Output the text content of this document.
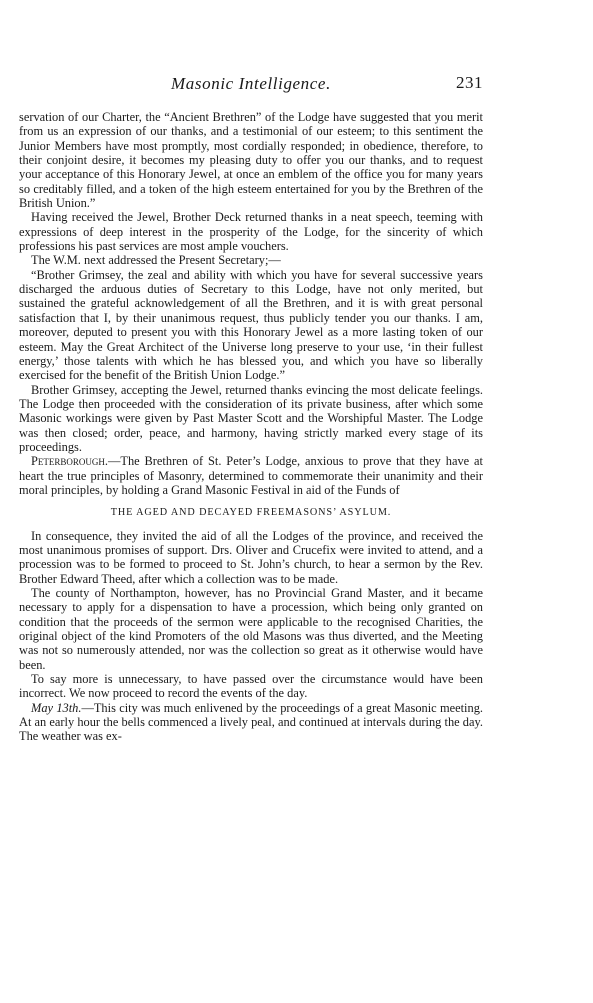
Masonic Intelligence.	231

servation of our Charter, the “Ancient Brethren” of the Lodge have suggested that you merit from us an expression of our thanks, and a testimonial of our esteem; to this sentiment the Junior Members have most promptly, most cordially responded; in obedience, therefore, to their conjoint desire, it becomes my pleasing duty to offer you our thanks, and to request your acceptance of this Honorary Jewel, at once an emblem of the office you for many years so creditably filled, and a token of the high esteem entertained for you by the Brethren of the British Union.”

Having received the Jewel, Brother Deck returned thanks in a neat speech, teeming with expressions of deep interest in the prosperity of the Lodge, for the sincerity of which professions his past services are most ample vouchers.

The W.M. next addressed the Present Secretary;—

“Brother Grimsey, the zeal and ability with which you have for several successive years discharged the arduous duties of Secretary to this Lodge, have not only merited, but sustained the grateful acknowledgement of all the Brethren, and it is with great personal satisfaction that I, by their unanimous request, thus publicly tender you our thanks. I am, moreover, deputed to present you with this Honorary Jewel as a more lasting token of our esteem. May the Great Architect of the Universe long preserve to your use, ‘in their fullest energy,’ those talents with which he has blessed you, and which you have so liberally exercised for the benefit of the British Union Lodge.”

Brother Grimsey, accepting the Jewel, returned thanks evincing the most delicate feelings. The Lodge then proceeded with the consideration of its private business, after which some Masonic workings were given by Past Master Scott and the Worshipful Master. The Lodge was then closed; order, peace, and harmony, having strictly marked every stage of its proceedings.

Peterborough.—The Brethren of St. Peter’s Lodge, anxious to prove that they have at heart the true principles of Masonry, determined to commemorate their unanimity and their moral principles, by holding a Grand Masonic Festival in aid of the Funds of

THE AGED AND DECAYED FREEMASONS’ ASYLUM.

In consequence, they invited the aid of all the Lodges of the province, and received the most unanimous promises of support. Drs. Oliver and Crucefix were invited to attend, and a procession was to be formed to proceed to St. John’s church, to hear a sermon by the Rev. Brother Edward Theed, after which a collection was to be made.

The county of Northampton, however, has no Provincial Grand Master, and it became necessary to apply for a dispensation to have a procession, which being only granted on condition that the proceeds of the sermon were applicable to the recognised Charities, the original object of the kind Promoters of the old Masons was thus diverted, and the Meeting was not so numerously attended, nor was the collection so great as it otherwise would have been.

To say more is unnecessary, to have passed over the circumstance would have been incorrect. We now proceed to record the events of the day.

May 13th.—This city was much enlivened by the proceedings of a great Masonic meeting. At an early hour the bells commenced a lively peal, and continued at intervals during the day. The weather was ex-
